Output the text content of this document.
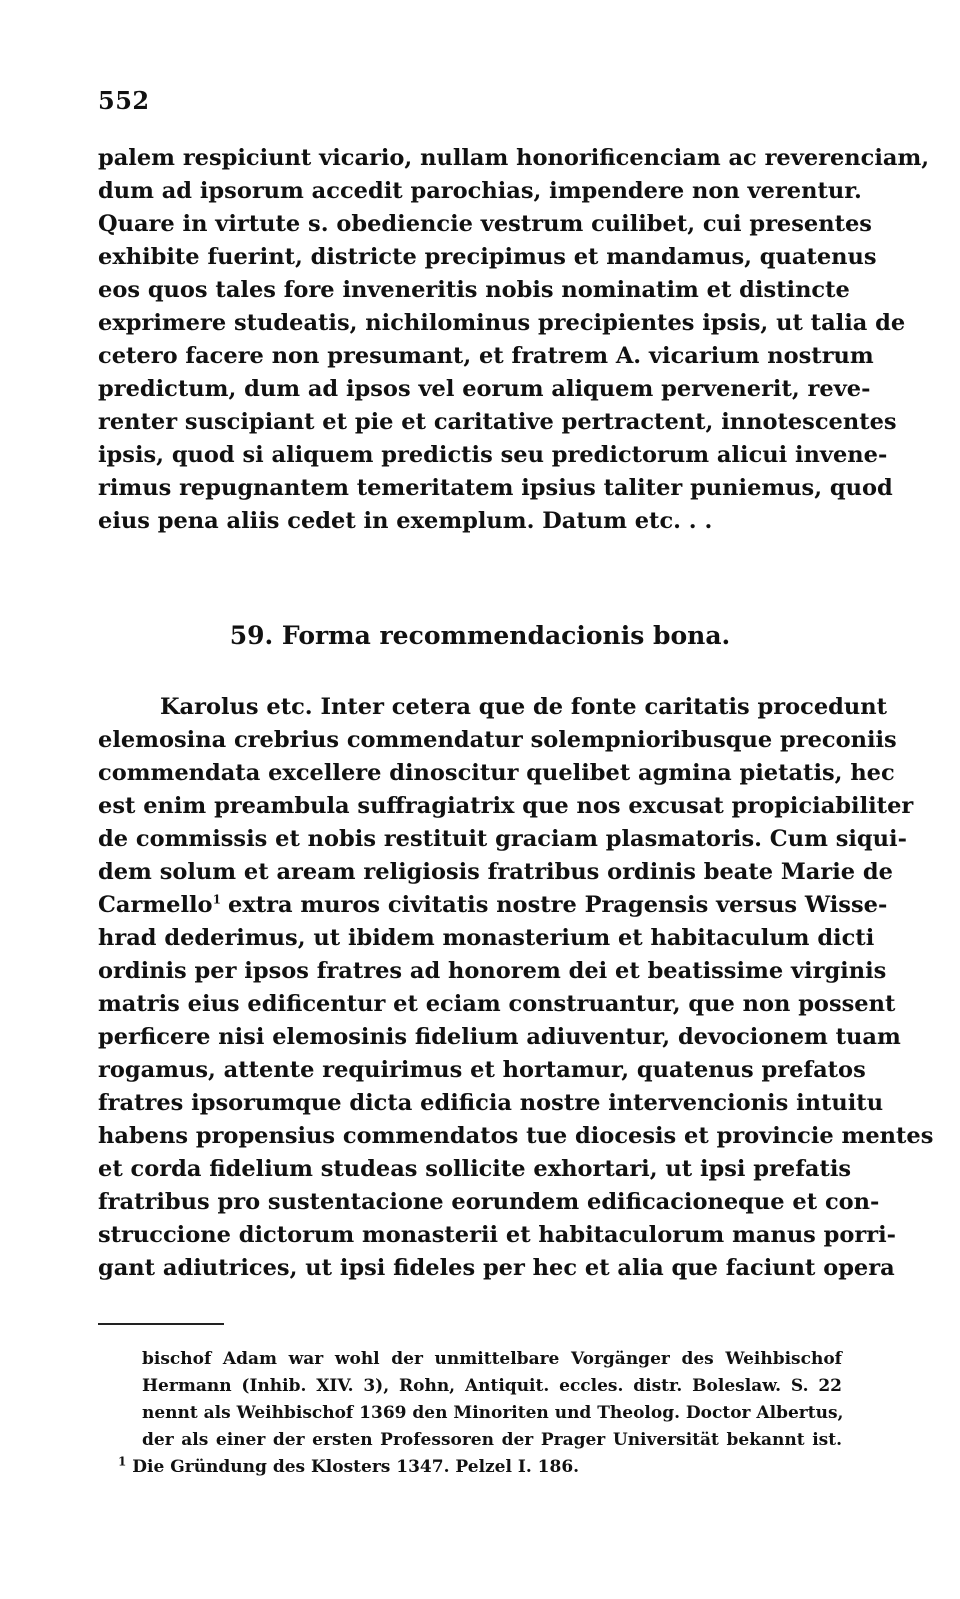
552
palem respiciunt vicario, nullam honorificenciam ac reverenciam,
dum ad ipsorum accedit parochias, impendere non verentur.
Quare in virtute s. obediencie vestrum cuilibet, cui presentes
exhibite fuerint, districte precipimus et mandamus, quatenus
eos quos tales fore inveneritis nobis nominatim et distincte
exprimere studeatis, nichilominus precipientes ipsis, ut talia de
cetero facere non presumant, et fratrem A. vicarium nostrum
predictum, dum ad ipsos vel eorum aliquem pervenerit, reve-
renter suscipiant et pie et caritative pertractent, innotescentes
ipsis, quod si aliquem predictis seu predictorum alicui invene-
rimus repugnantem temeritatem ipsius taliter puniemus, quod
eius pena aliis cedet in exemplum. Datum etc. . .
59. Forma recommendacionis bona.
Karolus etc. Inter cetera que de fonte caritatis procedunt
elemosina crebrius commendatur solempnioribusque preconiis
commendata excellere dinoscitur quelibet agmina pietatis, hec
est enim preambula suffragiatrix que nos excusat propiciabiliter
de commissis et nobis restituit graciam plasmatoris. Cum siqui-
dem solum et aream religiosis fratribus ordinis beate Marie de
Carmello$^1$ extra muros civitatis nostre Pragensis versus Wisse-
hrad dederimus, ut ibidem monasterium et habitaculum dicti
ordinis per ipsos fratres ad honorem dei et beatissime virginis
matris eius edificentur et eciam construantur, que non possent
perficere nisi elemosinis fidelium adiuventur, devocionem tuam
rogamus, attente requirimus et hortamur, quatenus prefatos
fratres ipsorumque dicta edificia nostre intervencionis intuitu
habens propensius commendatos tue diocesis et provincie mentes
et corda fidelium studeas sollicite exhortari, ut ipsi prefatis
fratribus pro sustentacione eorundem edificacioneque et con-
struccione dictorum monasterii et habitaculorum manus porri-
gant adiutrices, ut ipsi fideles per hec et alia que faciunt opera
bischof Adam war wohl der unmittelbare Vorgänger des Weihbischof
Hermann (Inhib. XIV. 3), Rohn, Antiquit. eccles. distr. Boleslaw. S. 22
nennt als Weihbischof 1369 den Minoriten und Theolog. Doctor Albertus,
der als einer der ersten Professoren der Prager Universität bekannt ist.
$^1$ Die Gründung des Klosters 1347. Pelzel I. 186.
